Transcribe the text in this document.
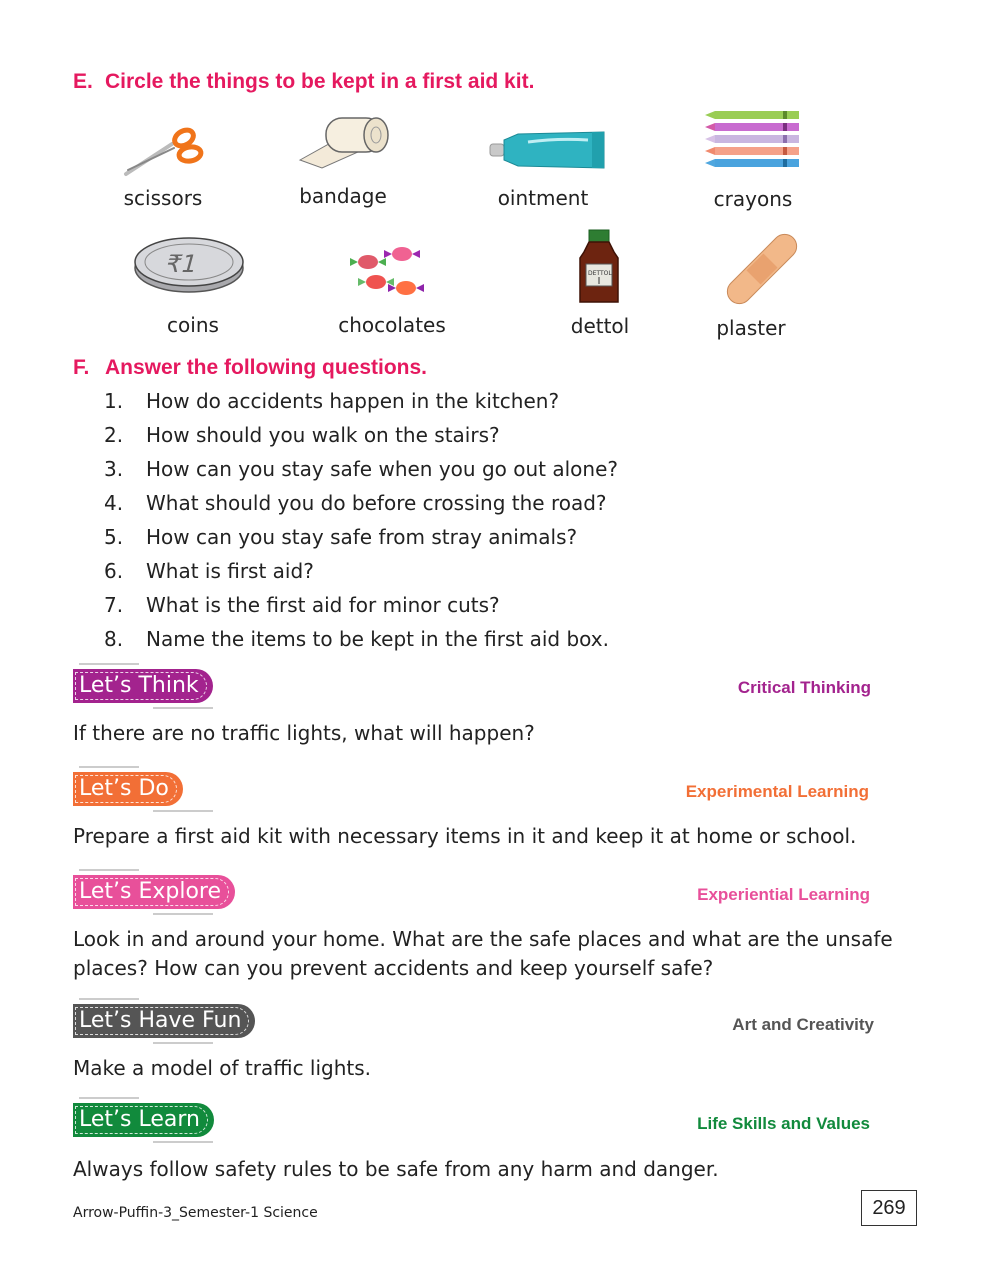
E. Circle the things to be kept in a first aid kit.
scissors	bandage	ointment	crayons
₹1	DETTOL
coins	chocolates	dettol	plaster
F. Answer the following questions.
1. How do accidents happen in the kitchen?
2. How should you walk on the stairs?
3. How can you stay safe when you go out alone?
4. What should you do before crossing the road?
5. How can you stay safe from stray animals?
6. What is first aid?
7. What is the first aid for minor cuts?
8. Name the items to be kept in the first aid box.
Let’s Think	Critical Thinking
If there are no traffic lights, what will happen?
Let’s Do	Experimental Learning
Prepare a first aid kit with necessary items in it and keep it at home or school.
Let’s Explore	Experiential Learning
Look in and around your home. What are the safe places and what are the unsafe places? How can you prevent accidents and keep yourself safe?
Let’s Have Fun	Art and Creativity
Make a model of traffic lights.
Let’s Learn	Life Skills and Values
Always follow safety rules to be safe from any harm and danger.
Arrow-Puffin-3_Semester-1 Science	269
